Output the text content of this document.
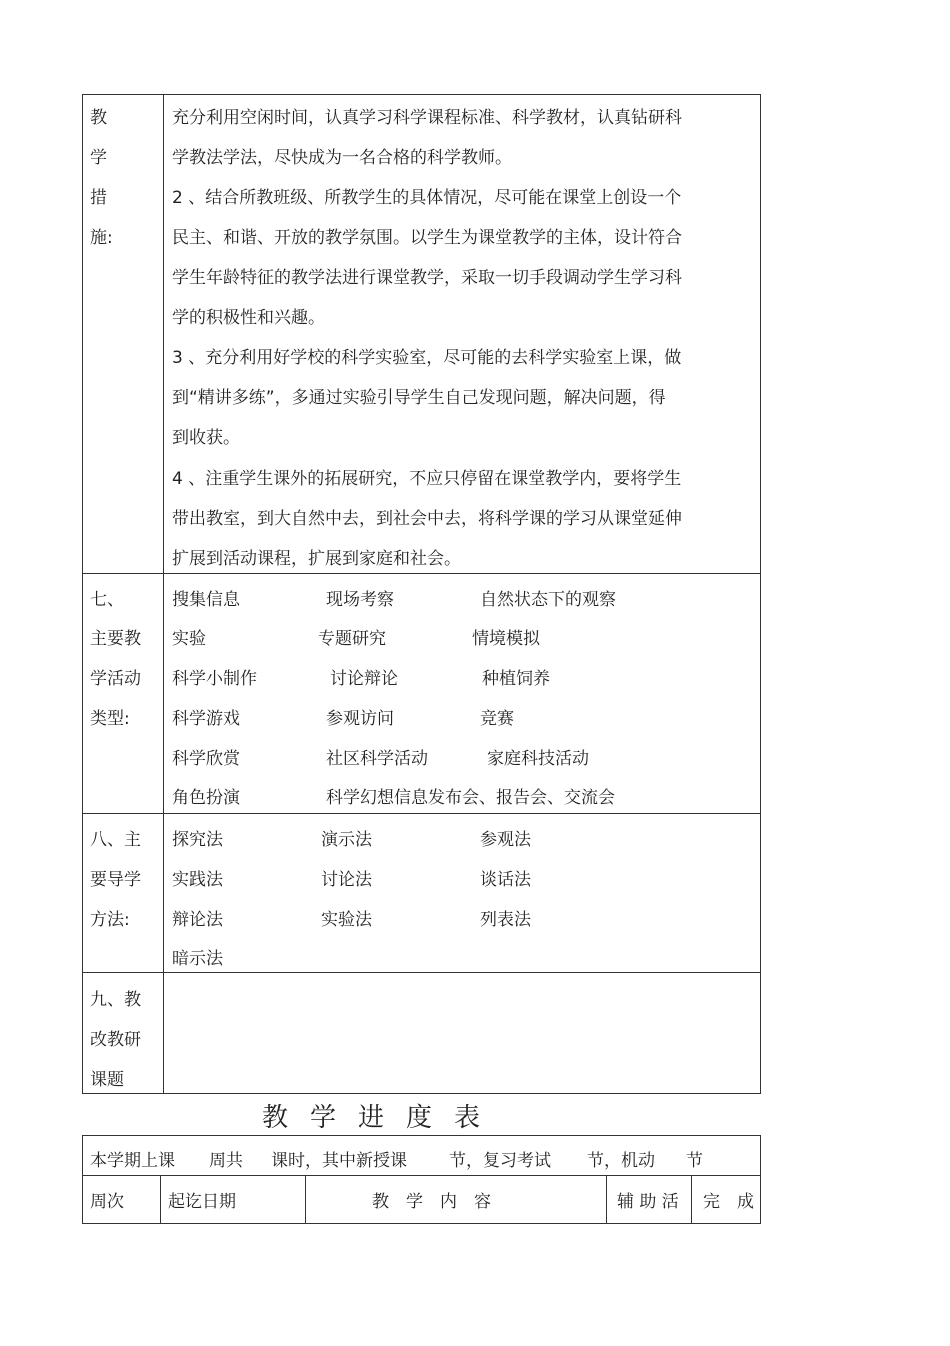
教
学
措
施:
充分利用空闲时间，认真学习科学课程标准、科学教材，认真钻研科
学教法学法，尽快成为一名合格的科学教师。
2 、结合所教班级、所教学生的具体情况，尽可能在课堂上创设一个
民主、和谐、开放的教学氛围。以学生为课堂教学的主体，设计符合
学生年龄特征的教学法进行课堂教学，采取一切手段调动学生学习科
学的积极性和兴趣。
3 、充分利用好学校的科学实验室，尽可能的去科学实验室上课，做
到“精讲多练”，多通过实验引导学生自己发现问题，解决问题，得
到收获。
4 、注重学生课外的拓展研究，不应只停留在课堂教学内，要将学生
带出教室，到大自然中去，到社会中去，将科学课的学习从课堂延伸
扩展到活动课程，扩展到家庭和社会。
七、
主要教
学活动
类型:
搜集信息	现场考察	自然状态下的观察
实验	专题研究	情境模拟
科学小制作	讨论辩论	种植饲养
科学游戏	参观访问	竞赛
科学欣赏	社区科学活动	家庭科技活动
角色扮演	科学幻想信息发布会、报告会、交流会
八、主
要导学
方法:
探究法	演示法	参观法
实践法	讨论法	谈话法
辩论法	实验法	列表法
暗示法
九、教
改教研
课题
教学进度表
本学期上课 周共 课时，其中新授课 节，复习考试 节，机动 节
周次	起讫日期	教　学　内　容	辅 助 活 完　成
